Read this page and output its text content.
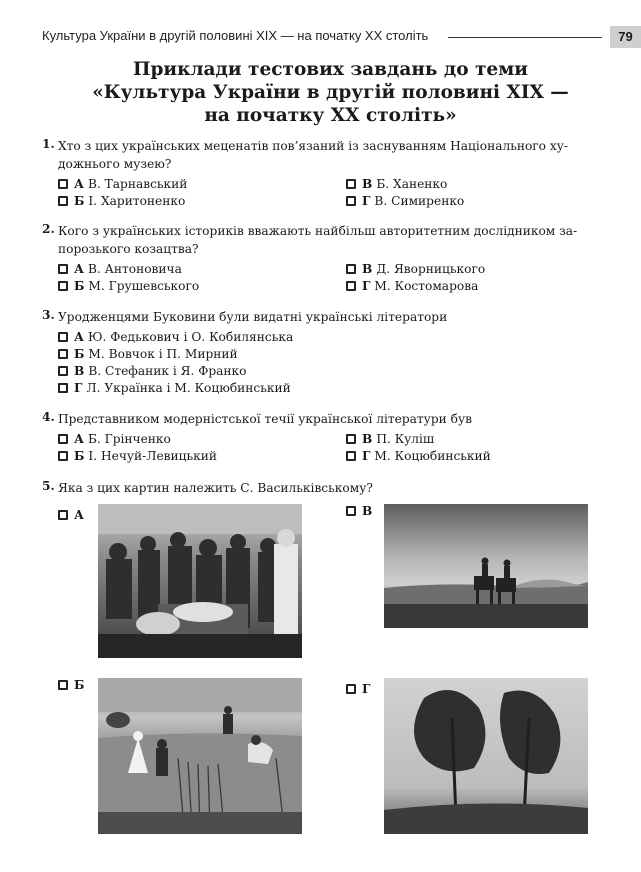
Культура України в другій половині ХІХ — на початку ХХ століть	79
Приклади тестових завдань до теми
«Культура України в другій половині ХІХ —
на початку ХХ століть»
1. Хто з цих українських меценатів пов’язаний із заснуванням Національного ху-
дожнього музею?
А В. Тарнавський
Б І. Харитоненко
В Б. Ханенко
Г В. Симиренко
2. Кого з українських істориків вважають найбільш авторитетним дослідником за-
порозького козацтва?
А В. Антоновича
Б М. Грушевського
В Д. Яворницького
Г М. Костомарова
3. Уродженцями Буковини були видатні українські літератори
А Ю. Федькович і О. Кобилянська
Б М. Вовчок і П. Мирний
В В. Стефаник і Я. Франко
Г Л. Українка і М. Коцюбинський
4. Представником модерністської течії української літератури був
А Б. Грінченко
Б І. Нечуй-Левицький
В П. Куліш
Г М. Коцюбинський
5. Яка з цих картин належить С. Васильківському?
А	В
Б	Г
